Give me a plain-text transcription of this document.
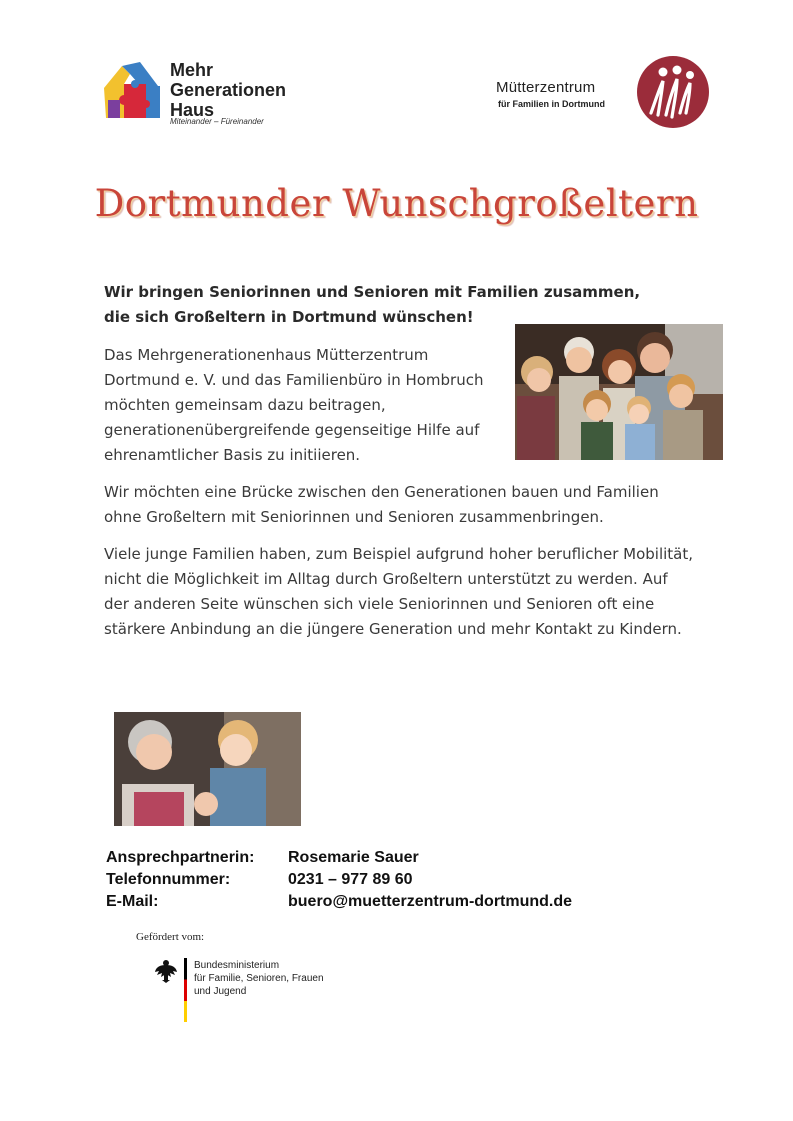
Mehr
Generationen
Haus
Miteinander – Füreinander
Mütterzentrum
für Familien in Dortmund
Dortmunder Wunschgroßeltern
Wir bringen Seniorinnen und Senioren mit Familien zusammen, die sich Großeltern in Dortmund wünschen!
Das Mehrgenerationenhaus Mütterzentrum Dortmund e. V. und das Familienbüro in Hombruch möchten gemeinsam dazu beitragen, generationenübergreifende gegenseitige Hilfe auf ehrenamtlicher Basis zu initiieren.
Wir möchten eine Brücke zwischen den Generationen bauen und Familien ohne Großeltern mit Seniorinnen und Senioren zusammenbringen.
Viele junge Familien haben, zum Beispiel aufgrund hoher beruflicher Mobilität, nicht die Möglichkeit im Alltag durch Großeltern unterstützt zu werden. Auf der anderen Seite wünschen sich viele Seniorinnen und Senioren oft eine stärkere Anbindung an die jüngere Generation und mehr Kontakt zu Kindern.
Ansprechpartnerin: Rosemarie Sauer
Telefonnummer:	0231 – 977 89 60
E-Mail:	buero@muetterzentrum-dortmund.de
Gefördert vom:
Bundesministerium
für Familie, Senioren, Frauen
und Jugend
